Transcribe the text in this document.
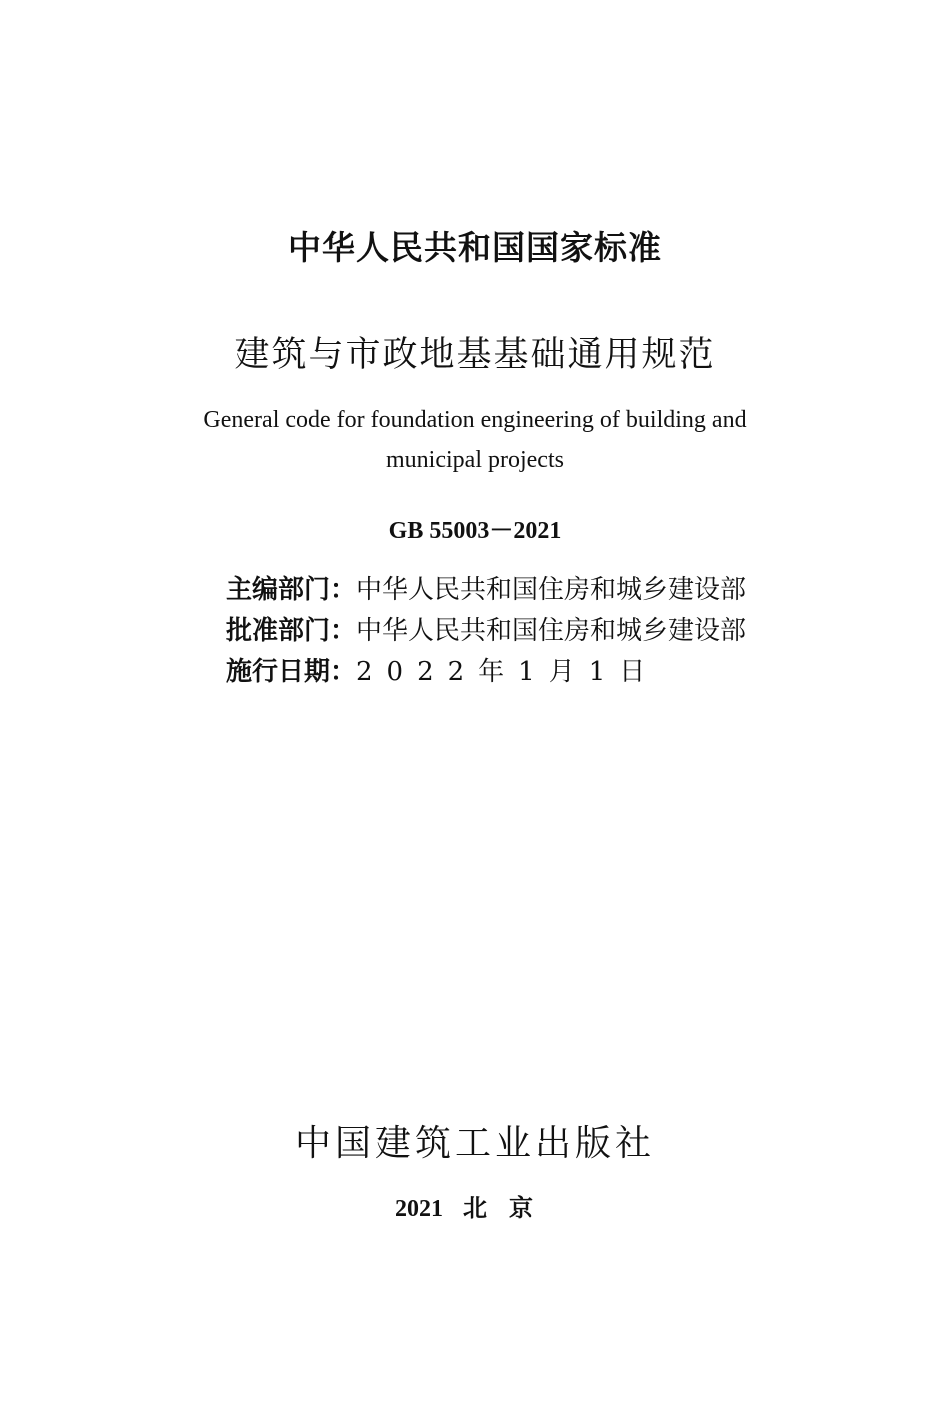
中华人民共和国国家标准
建筑与市政地基基础通用规范
General code for foundation engineering of building and
municipal projects
GB 55003－2021
主编部门：中华人民共和国住房和城乡建设部
批准部门：中华人民共和国住房和城乡建设部
施行日期：2022年1月1日
中国建筑工业出版社
2021 北京
